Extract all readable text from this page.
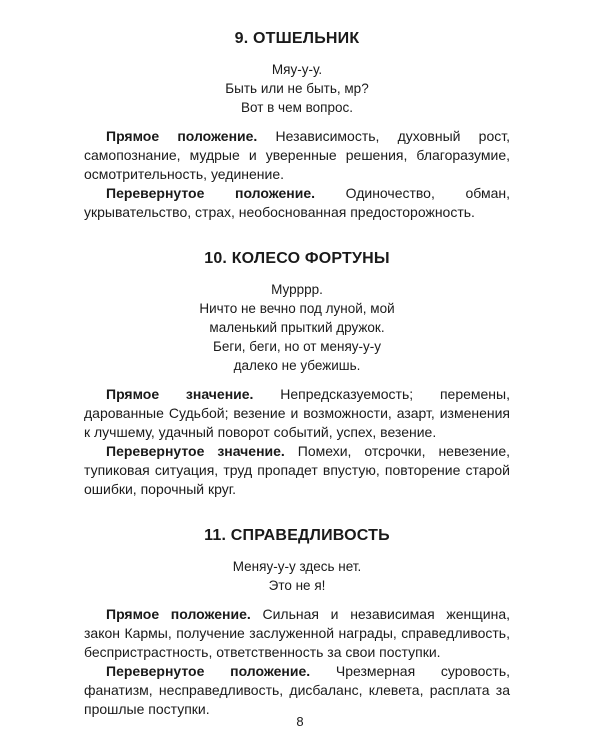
9. ОТШЕЛЬНИК
Мяу-у-у.
Быть или не быть, мр?
Вот в чем вопрос.

Прямое положение. Независимость, духовный рост, самопознание, мудрые и уверенные решения, благоразумие, осмотрительность, уединение.

Перевернутое положение. Одиночество, обман, укрывательство, страх, необоснованная предосторожность.

10. КОЛЕСО ФОРТУНЫ
Мурррр.
Ничто не вечно под луной, мой
маленький прыткий дружок.
Беги, беги, но от меняу-у-у
далеко не убежишь.

Прямое значение. Непредсказуемость; перемены, дарованные Судьбой; везение и возможности, азарт, изменения к лучшему, удачный поворот событий, успех, везение.

Перевернутое значение. Помехи, отсрочки, невезение, тупиковая ситуация, труд пропадет впустую, повторение старой ошибки, порочный круг.

11. СПРАВЕДЛИВОСТЬ
Меняу-у-у здесь нет.
Это не я!

Прямое положение. Сильная и независимая женщина, закон Кармы, получение заслуженной награды, справедливость, беспристрастность, ответственность за свои поступки.

Перевернутое положение. Чрезмерная суровость, фанатизм, несправедливость, дисбаланс, клевета, расплата за прошлые поступки.

8
